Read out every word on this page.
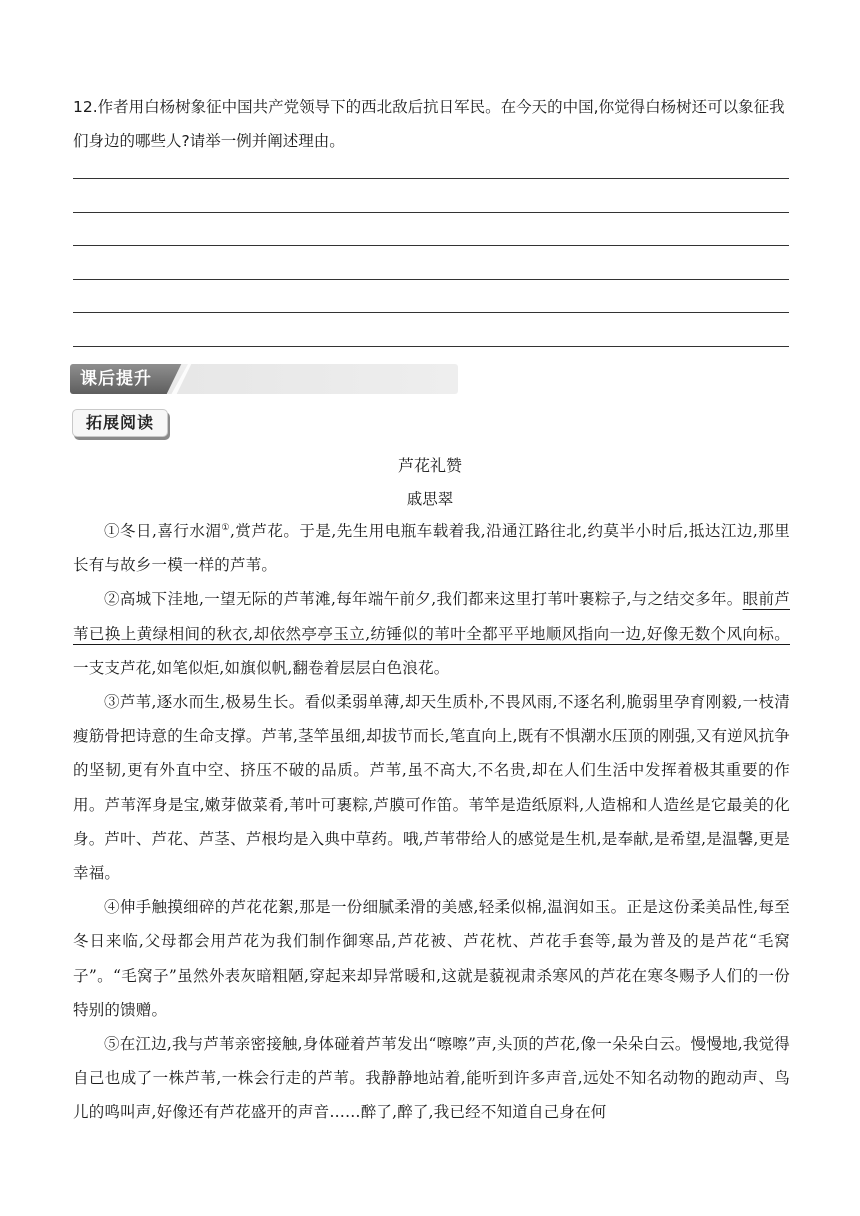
12.作者用白杨树象征中国共产党领导下的西北敌后抗日军民。在今天的中国,你觉得白杨树还可以象征我们身边的哪些人?请举一例并阐述理由。

课后提升
拓展阅读

芦花礼赞

戚思翠

①冬日,喜行水湄①,赏芦花。于是,先生用电瓶车载着我,沿通江路往北,约莫半小时后,抵达江边,那里长有与故乡一模一样的芦苇。

②高城下洼地,一望无际的芦苇滩,每年端午前夕,我们都来这里打苇叶裹粽子,与之结交多年。眼前芦苇已换上黄绿相间的秋衣,却依然亭亭玉立,纺锤似的苇叶全都平平地顺风指向一边,好像无数个风向标。一支支芦花,如笔似炬,如旗似帆,翻卷着层层白色浪花。

③芦苇,逐水而生,极易生长。看似柔弱单薄,却天生质朴,不畏风雨,不逐名利,脆弱里孕育刚毅,一枝清瘦筋骨把诗意的生命支撑。芦苇,茎竿虽细,却拔节而长,笔直向上,既有不惧潮水压顶的刚强,又有逆风抗争的坚韧,更有外直中空、挤压不破的品质。芦苇,虽不高大,不名贵,却在人们生活中发挥着极其重要的作用。芦苇浑身是宝,嫩芽做菜肴,苇叶可裹粽,芦膜可作笛。苇竿是造纸原料,人造棉和人造丝是它最美的化身。芦叶、芦花、芦茎、芦根均是入典中草药。哦,芦苇带给人的感觉是生机,是奉献,是希望,是温馨,更是幸福。

④伸手触摸细碎的芦花花絮,那是一份细腻柔滑的美感,轻柔似棉,温润如玉。正是这份柔美品性,每至冬日来临,父母都会用芦花为我们制作御寒品,芦花被、芦花枕、芦花手套等,最为普及的是芦花“毛窝子”。“毛窝子”虽然外表灰暗粗陋,穿起来却异常暖和,这就是藐视肃杀寒风的芦花在寒冬赐予人们的一份特别的馈赠。

⑤在江边,我与芦苇亲密接触,身体碰着芦苇发出“嚓嚓”声,头顶的芦花,像一朵朵白云。慢慢地,我觉得自己也成了一株芦苇,一株会行走的芦苇。我静静地站着,能听到许多声音,远处不知名动物的跑动声、鸟儿的鸣叫声,好像还有芦花盛开的声音……醉了,醉了,我已经不知道自己身在何
